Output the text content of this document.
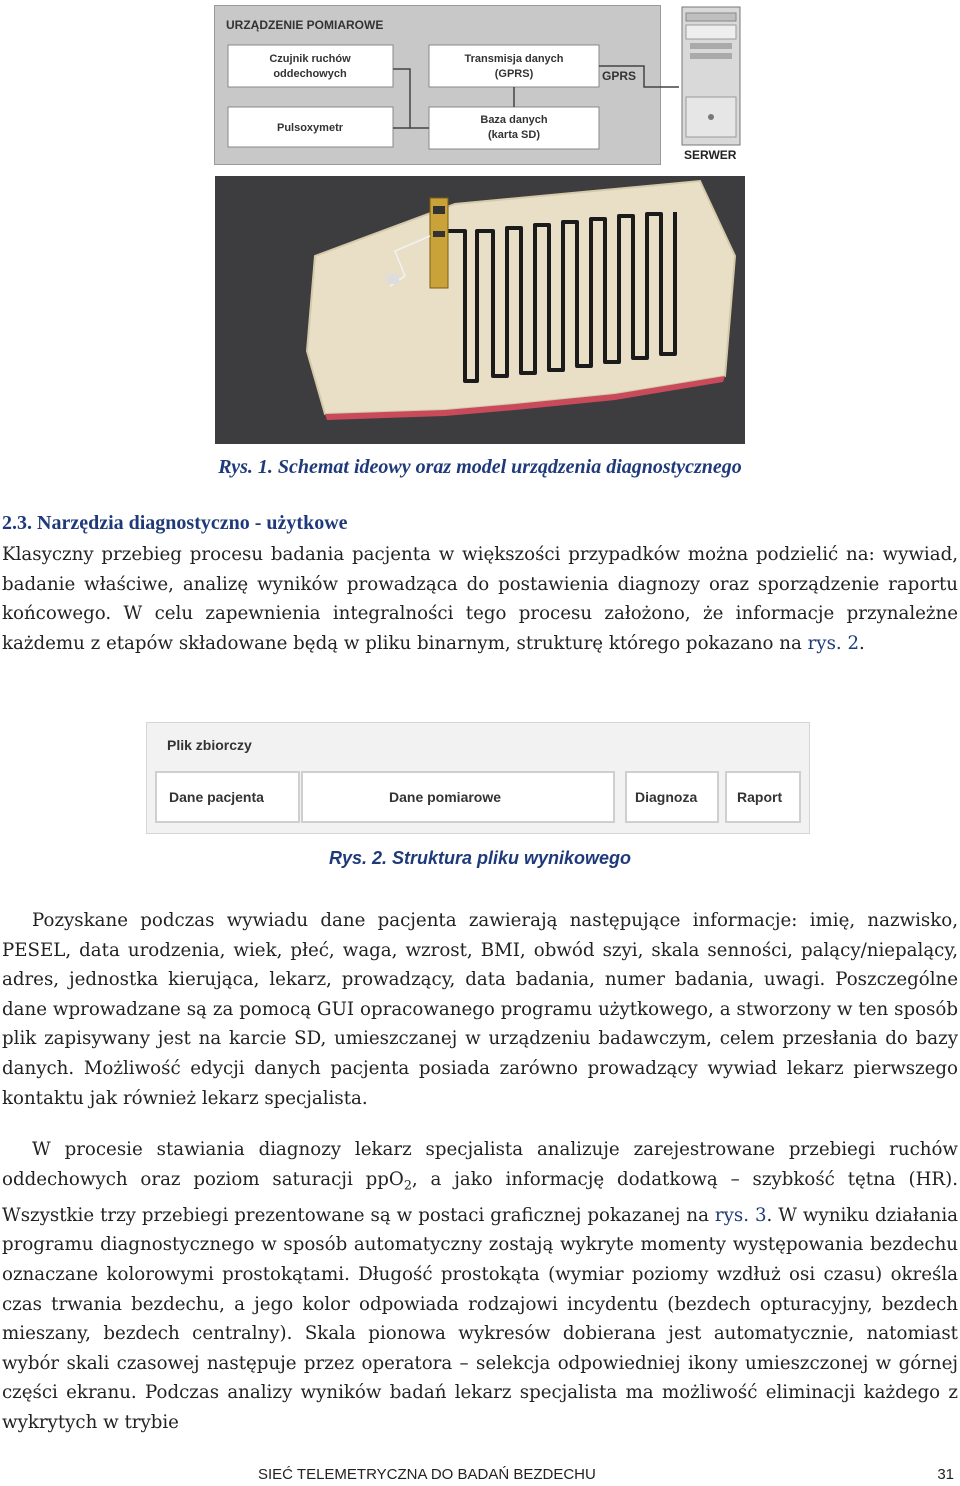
URZĄDZENIE POMIAROWE
Czujnik ruchów
oddechowych
Pulsoxymetr
Transmisja danych
(GPRS)
Baza danych
(karta SD)
GPRS
SERWER
Rys. 1. Schemat ideowy oraz model urządzenia diagnostycznego
2.3. Narzędzia diagnostyczno - użytkowe

Klasyczny przebieg procesu badania pacjenta w większości przypadków można podzielić na: wywiad, badanie właściwe, analizę wyników prowadząca do postawienia diagnozy oraz sporządzenie raportu końcowego. W celu zapewnienia integralności tego procesu założono, że informacje przynależne każdemu z etapów składowane będą w pliku binarnym, strukturę którego pokazano na rys. 2.

Plik zbiorczy
Dane pacjenta	Dane pomiarowe	Diagnoza	Raport
Rys. 2. Struktura pliku wynikowego

Pozyskane podczas wywiadu dane pacjenta zawierają następujące informacje: imię, nazwisko, PESEL, data urodzenia, wiek, płeć, waga, wzrost, BMI, obwód szyi, skala senności, palący/niepalący, adres, jednostka kierująca, lekarz, prowadzący, data badania, numer badania, uwagi. Poszczególne dane wprowadzane są za pomocą GUI opracowanego programu użytkowego, a stworzony w ten sposób plik zapisywany jest na karcie SD, umieszczanej w urządzeniu badawczym, celem przesłania do bazy danych. Możliwość edycji danych pacjenta posiada zarówno prowadzący wywiad lekarz pierwszego kontaktu jak również lekarz specjalista.

W procesie stawiania diagnozy lekarz specjalista analizuje zarejestrowane przebiegi ruchów oddechowych oraz poziom saturacji ppO$_2$, a jako informację dodatkową – szybkość tętna (HR). Wszystkie trzy przebiegi prezentowane są w postaci graficznej pokazanej na rys. 3. W wyniku działania programu diagnostycznego w sposób automatyczny zostają wykryte momenty występowania bezdechu oznaczane kolorowymi prostokątami. Długość prostokąta (wymiar poziomy wzdłuż osi czasu) określa czas trwania bezdechu, a jego kolor odpowiada rodzajowi incydentu (bezdech opturacyjny, bezdech mieszany, bezdech centralny). Skala pionowa wykresów dobierana jest automatycznie, natomiast wybór skali czasowej następuje przez operatora – selekcja odpowiedniej ikony umieszczonej w górnej części ekranu. Podczas analizy wyników badań lekarz specjalista ma możliwość eliminacji każdego z wykrytych w trybie

SIEĆ TELEMETRYCZNA DO BADAŃ BEZDECHU	31
